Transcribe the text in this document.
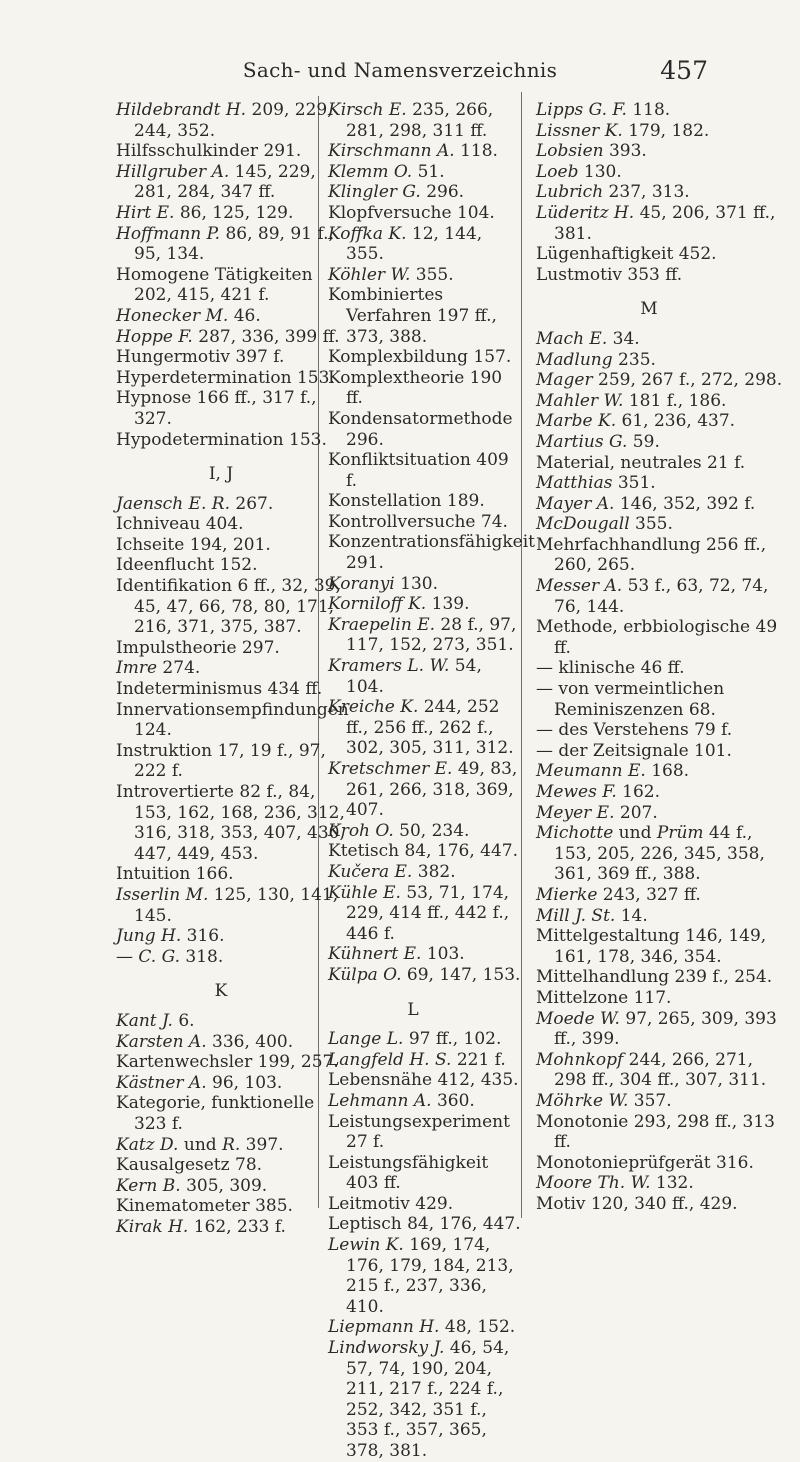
Sach- und Namensverzeichnis	457
Hildebrandt H. 209, 229, 244, 352.
Hilfsschulkinder 291.
Hillgruber A. 145, 229, 281, 284, 347 ff.
Hirt E. 86, 125, 129.
Hoffmann P. 86, 89, 91 f., 95, 134.
Homogene Tätigkeiten 202, 415, 421 f.
Honecker M. 46.
Hoppe F. 287, 336, 399 ff.
Hungermotiv 397 f.
Hyperdetermination 153.
Hypnose 166 ff., 317 f., 327.
Hypodetermination 153.
I, J
Jaensch E. R. 267.
Ichniveau 404.
Ichseite 194, 201.
Ideenflucht 152.
Identifikation 6 ff., 32, 39, 45, 47, 66, 78, 80, 171, 216, 371, 375, 387.
Impulstheorie 297.
Imre 274.
Indeterminismus 434 ff.
Innervationsempfindungen 124.
Instruktion 17, 19 f., 97, 222 f.
Introvertierte 82 f., 84, 153, 162, 168, 236, 312, 316, 318, 353, 407, 430, 447, 449, 453.
Intuition 166.
Isserlin M. 125, 130, 141, 145.
Jung H. 316.
— C. G. 318.
K
Kant J. 6.
Karsten A. 336, 400.
Kartenwechsler 199, 257.
Kästner A. 96, 103.
Kategorie, funktionelle 323 f.
Katz D. und R. 397.
Kausalgesetz 78.
Kern B. 305, 309.
Kinematometer 385.
Kirak H. 162, 233 f.
Kirsch E. 235, 266, 281, 298, 311 ff.
Kirschmann A. 118.
Klemm O. 51.
Klingler G. 296.
Klopfversuche 104.
Koffka K. 12, 144, 355.
Köhler W. 355.
Kombiniertes Verfahren 197 ff., 373, 388.
Komplexbildung 157.
Komplextheorie 190 ff.
Kondensatormethode 296.
Konfliktsituation 409 f.
Konstellation 189.
Kontrollversuche 74.
Konzentrationsfähigkeit 291.
Koranyi 130.
Korniloff K. 139.
Kraepelin E. 28 f., 97, 117, 152, 273, 351.
Kramers L. W. 54, 104.
Kreiche K. 244, 252 ff., 256 ff., 262 f., 302, 305, 311, 312.
Kretschmer E. 49, 83, 261, 266, 318, 369, 407.
Kroh O. 50, 234.
Ktetisch 84, 176, 447.
Kučera E. 382.
Kühle E. 53, 71, 174, 229, 414 ff., 442 f., 446 f.
Kühnert E. 103.
Külpa O. 69, 147, 153.
L
Lange L. 97 ff., 102.
Langfeld H. S. 221 f.
Lebensnähe 412, 435.
Lehmann A. 360.
Leistungsexperiment 27 f.
Leistungsfähigkeit 403 ff.
Leitmotiv 429.
Leptisch 84, 176, 447.
Lewin K. 169, 174, 176, 179, 184, 213, 215 f., 237, 336, 410.
Liepmann H. 48, 152.
Lindworsky J. 46, 54, 57, 74, 190, 204, 211, 217 f., 224 f., 252, 342, 351 f., 353 f., 357, 365, 378, 381.
Lipps G. F. 118.
Lissner K. 179, 182.
Lobsien 393.
Loeb 130.
Lubrich 237, 313.
Lüderitz H. 45, 206, 371 ff., 381.
Lügenhaftigkeit 452.
Lustmotiv 353 ff.
M
Mach E. 34.
Madlung 235.
Mager 259, 267 f., 272, 298.
Mahler W. 181 f., 186.
Marbe K. 61, 236, 437.
Martius G. 59.
Material, neutrales 21 f.
Matthias 351.
Mayer A. 146, 352, 392 f.
McDougall 355.
Mehrfachhandlung 256 ff., 260, 265.
Messer A. 53 f., 63, 72, 74, 76, 144.
Methode, erbbiologische 49 ff.
— klinische 46 ff.
— von vermeintlichen Reminiszenzen 68.
— des Verstehens 79 f.
— der Zeitsignale 101.
Meumann E. 168.
Mewes F. 162.
Meyer E. 207.
Michotte und Prüm 44 f., 153, 205, 226, 345, 358, 361, 369 ff., 388.
Mierke 243, 327 ff.
Mill J. St. 14.
Mittelgestaltung 146, 149, 161, 178, 346, 354.
Mittelhandlung 239 f., 254.
Mittelzone 117.
Moede W. 97, 265, 309, 393 ff., 399.
Mohnkopf 244, 266, 271, 298 ff., 304 ff., 307, 311.
Möhrke W. 357.
Monotonie 293, 298 ff., 313 ff.
Monotonieprüfgerät 316.
Moore Th. W. 132.
Motiv 120, 340 ff., 429.
